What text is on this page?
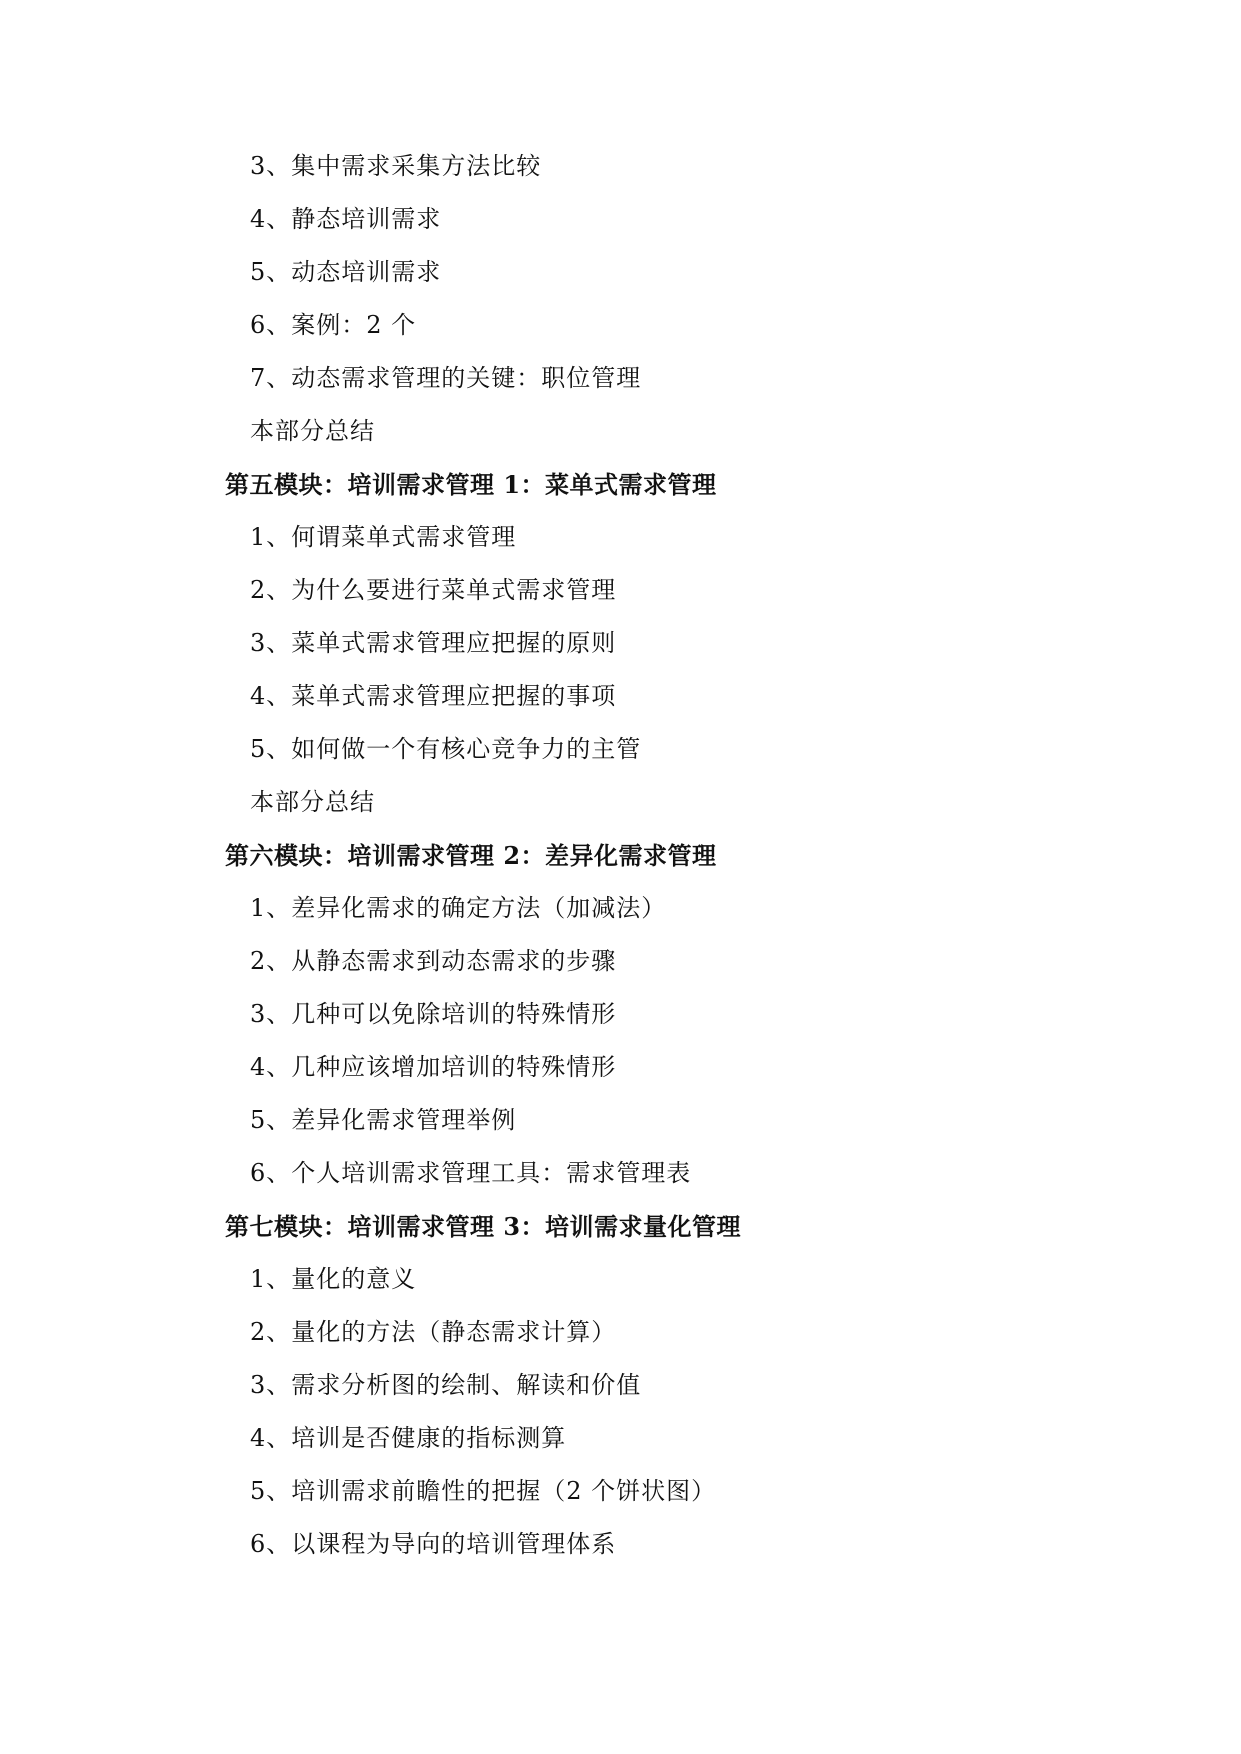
3、集中需求采集方法比较
4、静态培训需求
5、动态培训需求
6、案例：2 个
7、动态需求管理的关键：职位管理
本部分总结
第五模块：培训需求管理 1：菜单式需求管理
1、何谓菜单式需求管理
2、为什么要进行菜单式需求管理
3、菜单式需求管理应把握的原则
4、菜单式需求管理应把握的事项
5、如何做一个有核心竞争力的主管
本部分总结
第六模块：培训需求管理 2：差异化需求管理
1、差异化需求的确定方法（加减法）
2、从静态需求到动态需求的步骤
3、几种可以免除培训的特殊情形
4、几种应该增加培训的特殊情形
5、差异化需求管理举例
6、个人培训需求管理工具：需求管理表
第七模块：培训需求管理 3：培训需求量化管理
1、量化的意义
2、量化的方法（静态需求计算）
3、需求分析图的绘制、解读和价值
4、培训是否健康的指标测算
5、培训需求前瞻性的把握（2 个饼状图）
6、以课程为导向的培训管理体系
